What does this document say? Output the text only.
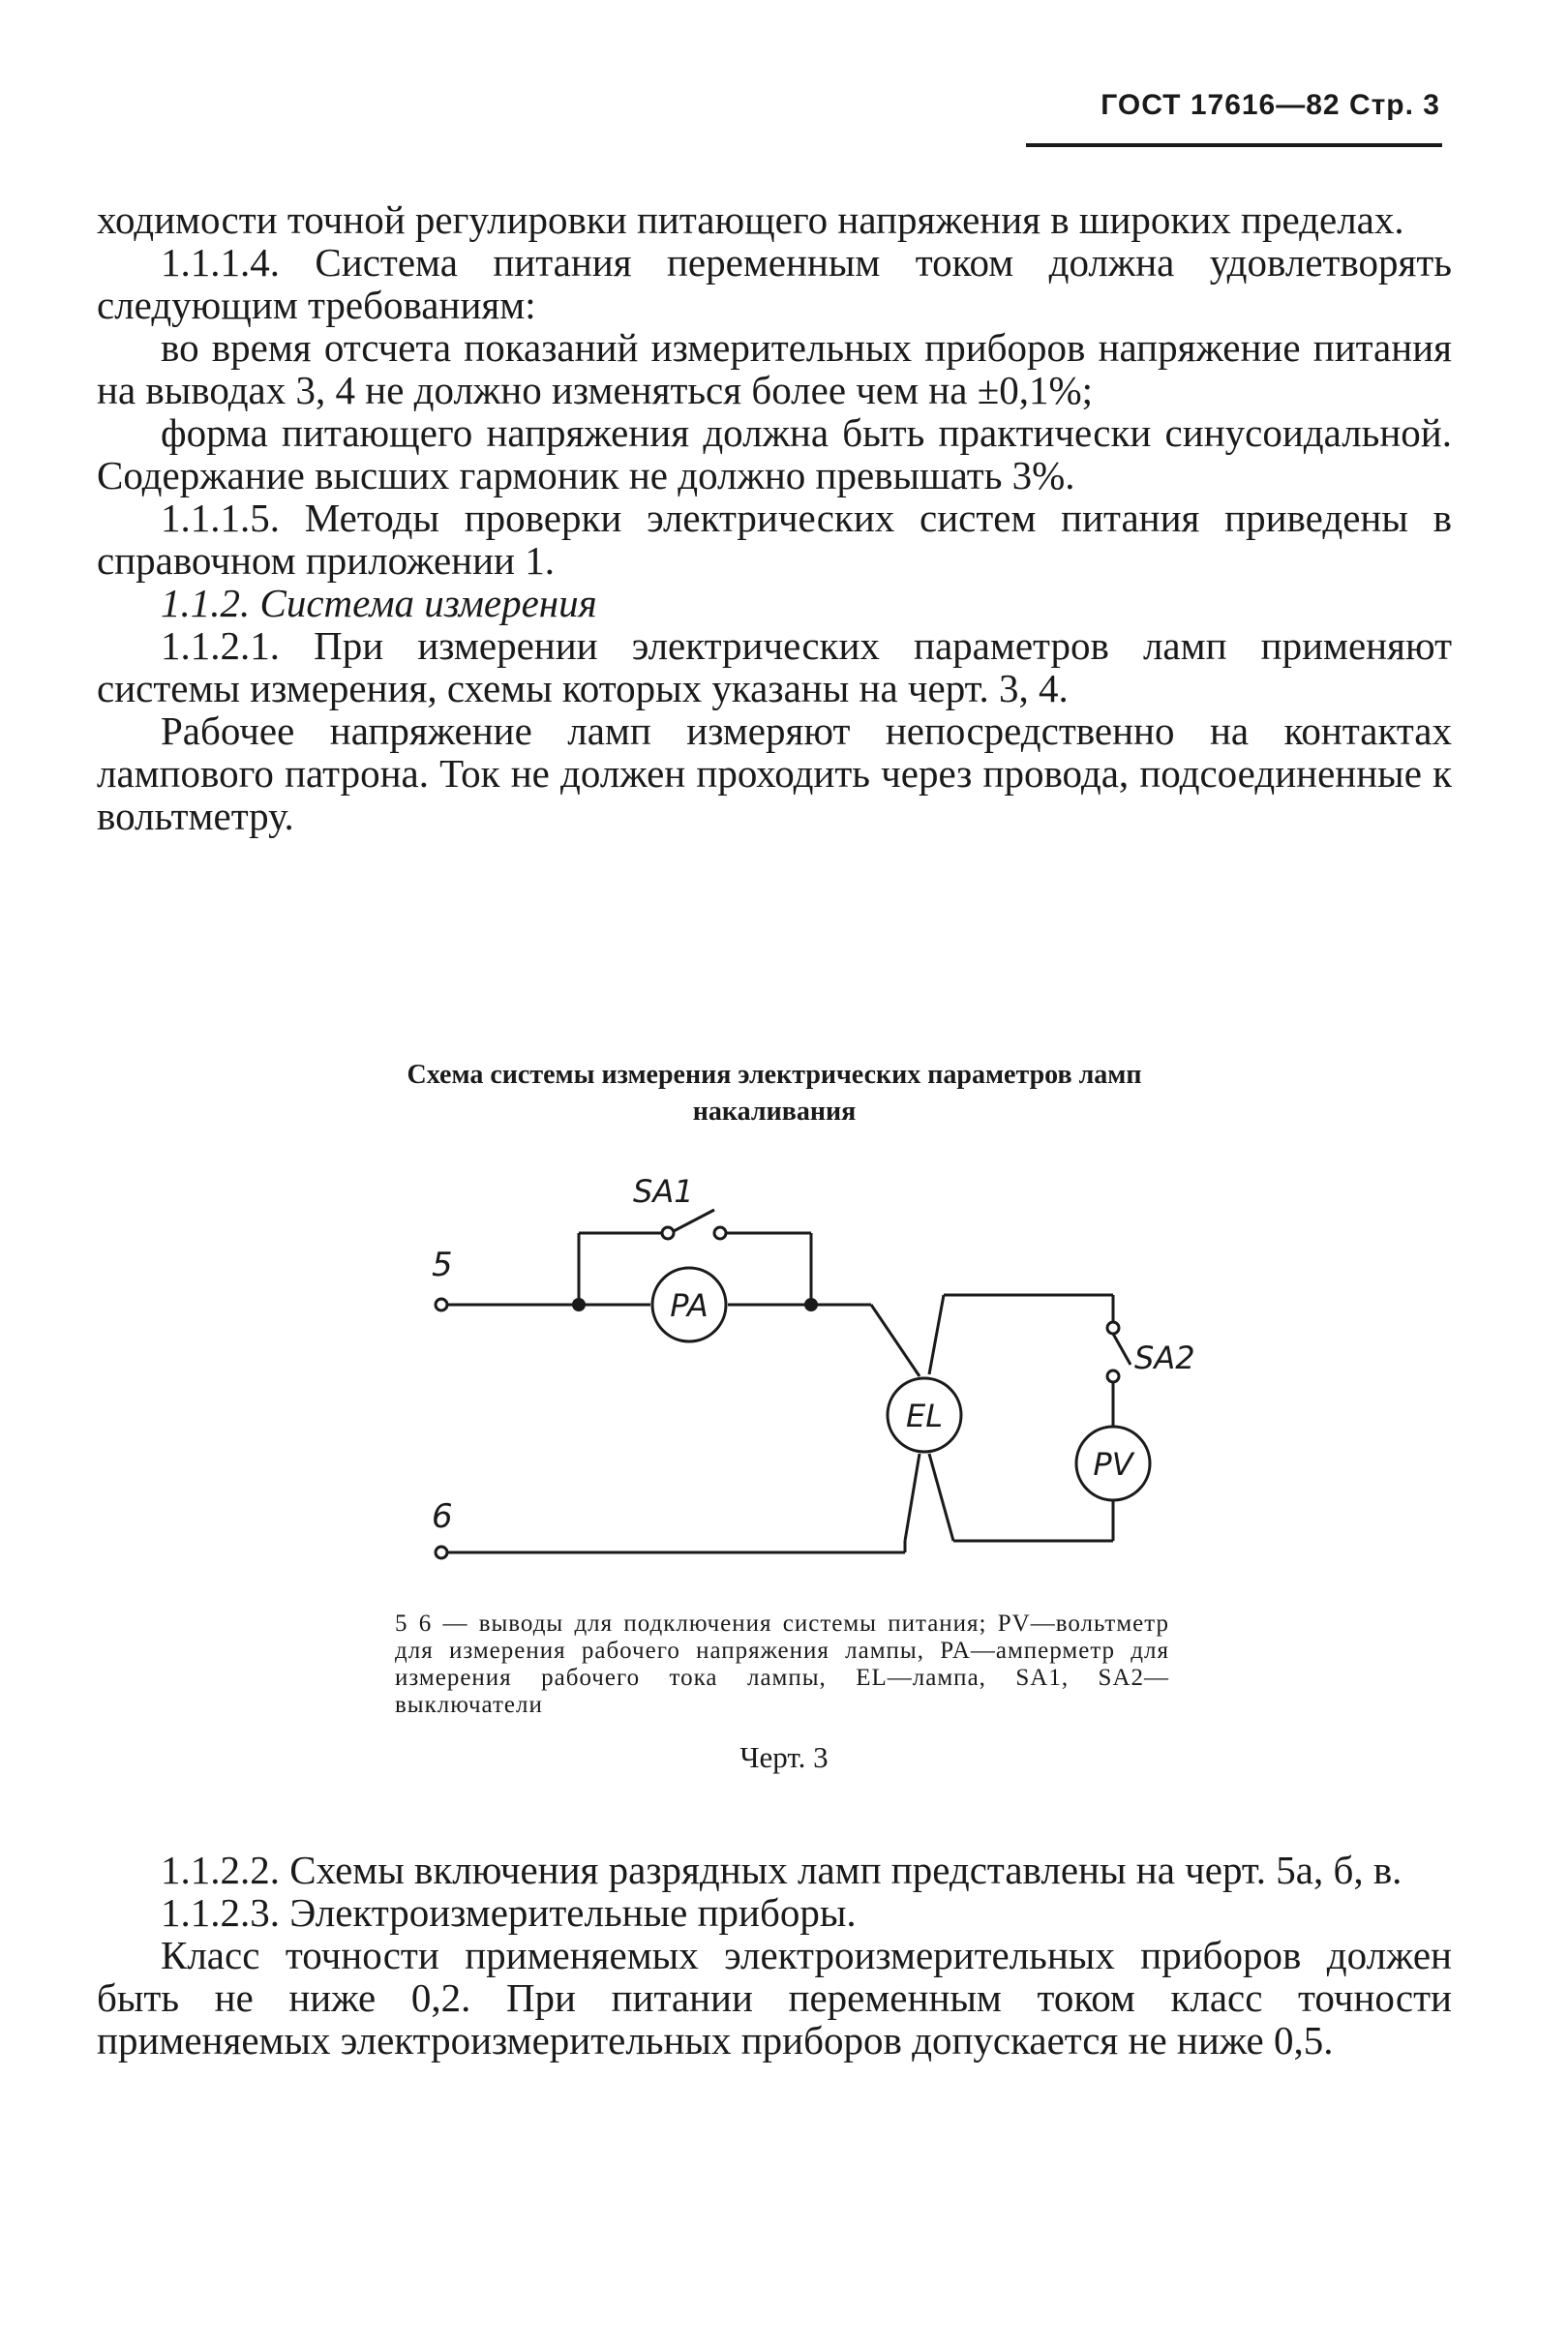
ГОСТ 17616—82 Стр. 3

ходимости точной регулировки питающего напряжения в широких пределах.

1.1.1.4. Система питания переменным током должна удовлетворять следующим требованиям:

во время отсчета показаний измерительных приборов напряжение питания на выводах 3, 4 не должно изменяться более чем на ±0,1%;

форма питающего напряжения должна быть практически синусоидальной. Содержание высших гармоник не должно превышать 3%.

1.1.1.5. Методы проверки электрических систем питания приведены в справочном приложении 1.

1.1.2. Система измерения

1.1.2.1. При измерении электрических параметров ламп применяют системы измерения, схемы которых указаны на черт. 3, 4.

Рабочее напряжение ламп измеряют непосредственно на контактах лампового патрона. Ток не должен проходить через провода, подсоединенные к вольтметру.

Схема системы измерения электрических параметров ламп накаливания
5
6
SA1
SA2
PA
PV
EL
5 6 — выводы для подключения системы питания; PV—вольтметр для измерения рабочего напряжения лампы, PA—амперметр для измерения рабочего тока лампы, EL—лампа, SA1, SA2— выключатели
Черт. 3

1.1.2.2. Схемы включения разрядных ламп представлены на черт. 5а, б, в.

1.1.2.3. Электроизмерительные приборы.

Класс точности применяемых электроизмерительных приборов должен быть не ниже 0,2. При питании переменным током класс точности применяемых электроизмерительных приборов допускается не ниже 0,5.
